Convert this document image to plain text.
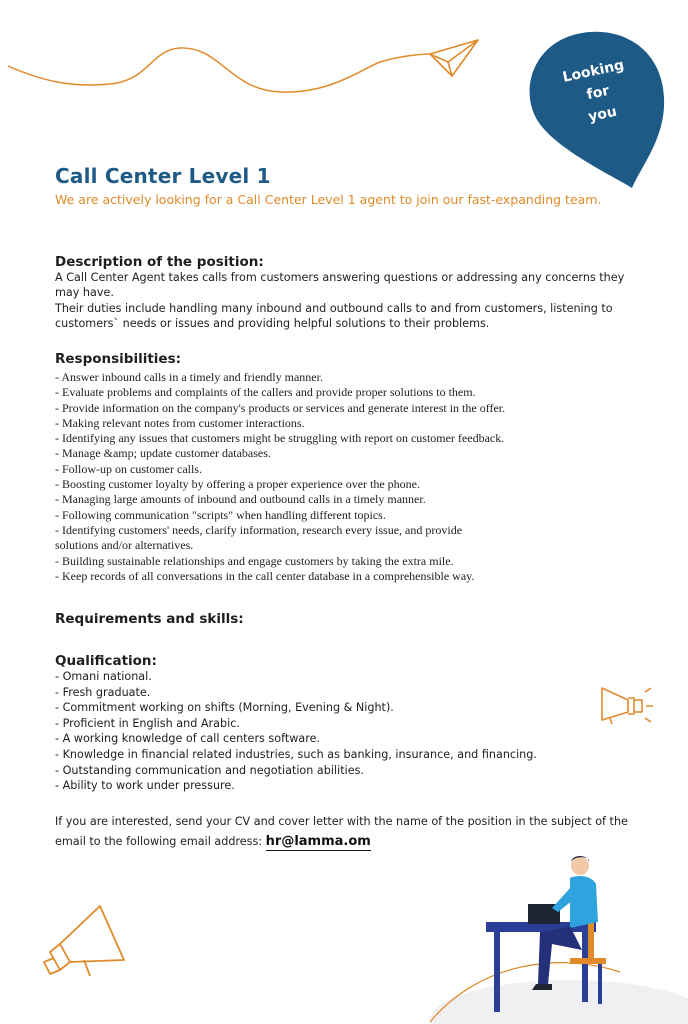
Looking
for
you
Call Center Level 1
We are actively looking for a Call Center Level 1 agent to join our fast-expanding team.
Description of the position:
A Call Center Agent takes calls from customers answering questions or addressing any concerns they may have.
Their duties include handling many inbound and outbound calls to and from customers, listening to customers` needs or issues and providing helpful solutions to their problems.
Responsibilities:
- Answer inbound calls in a timely and friendly manner.
- Evaluate problems and complaints of the callers and provide proper solutions to them.
- Provide information on the company's products or services and generate interest in the offer.
- Making relevant notes from customer interactions.
- Identifying any issues that customers might be struggling with report on customer feedback.
- Manage &amp; update customer databases.
- Follow-up on customer calls.
- Boosting customer loyalty by offering a proper experience over the phone.
- Managing large amounts of inbound and outbound calls in a timely manner.
- Following communication "scripts" when handling different topics.
- Identifying customers' needs, clarify information, research every issue, and provide
solutions and/or alternatives.
- Building sustainable relationships and engage customers by taking the extra mile.
- Keep records of all conversations in the call center database in a comprehensible way.
Requirements and skills:
Qualification:
- Omani national.
- Fresh graduate.
- Commitment working on shifts (Morning, Evening & Night).
- Proficient in English and Arabic.
- A working knowledge of call centers software.
- Knowledge in financial related industries, such as banking, insurance, and financing.
- Outstanding communication and negotiation abilities.
- Ability to work under pressure.
If you are interested, send your CV and cover letter with the name of the position in the subject of the email to the following email address: hr@lamma.om
